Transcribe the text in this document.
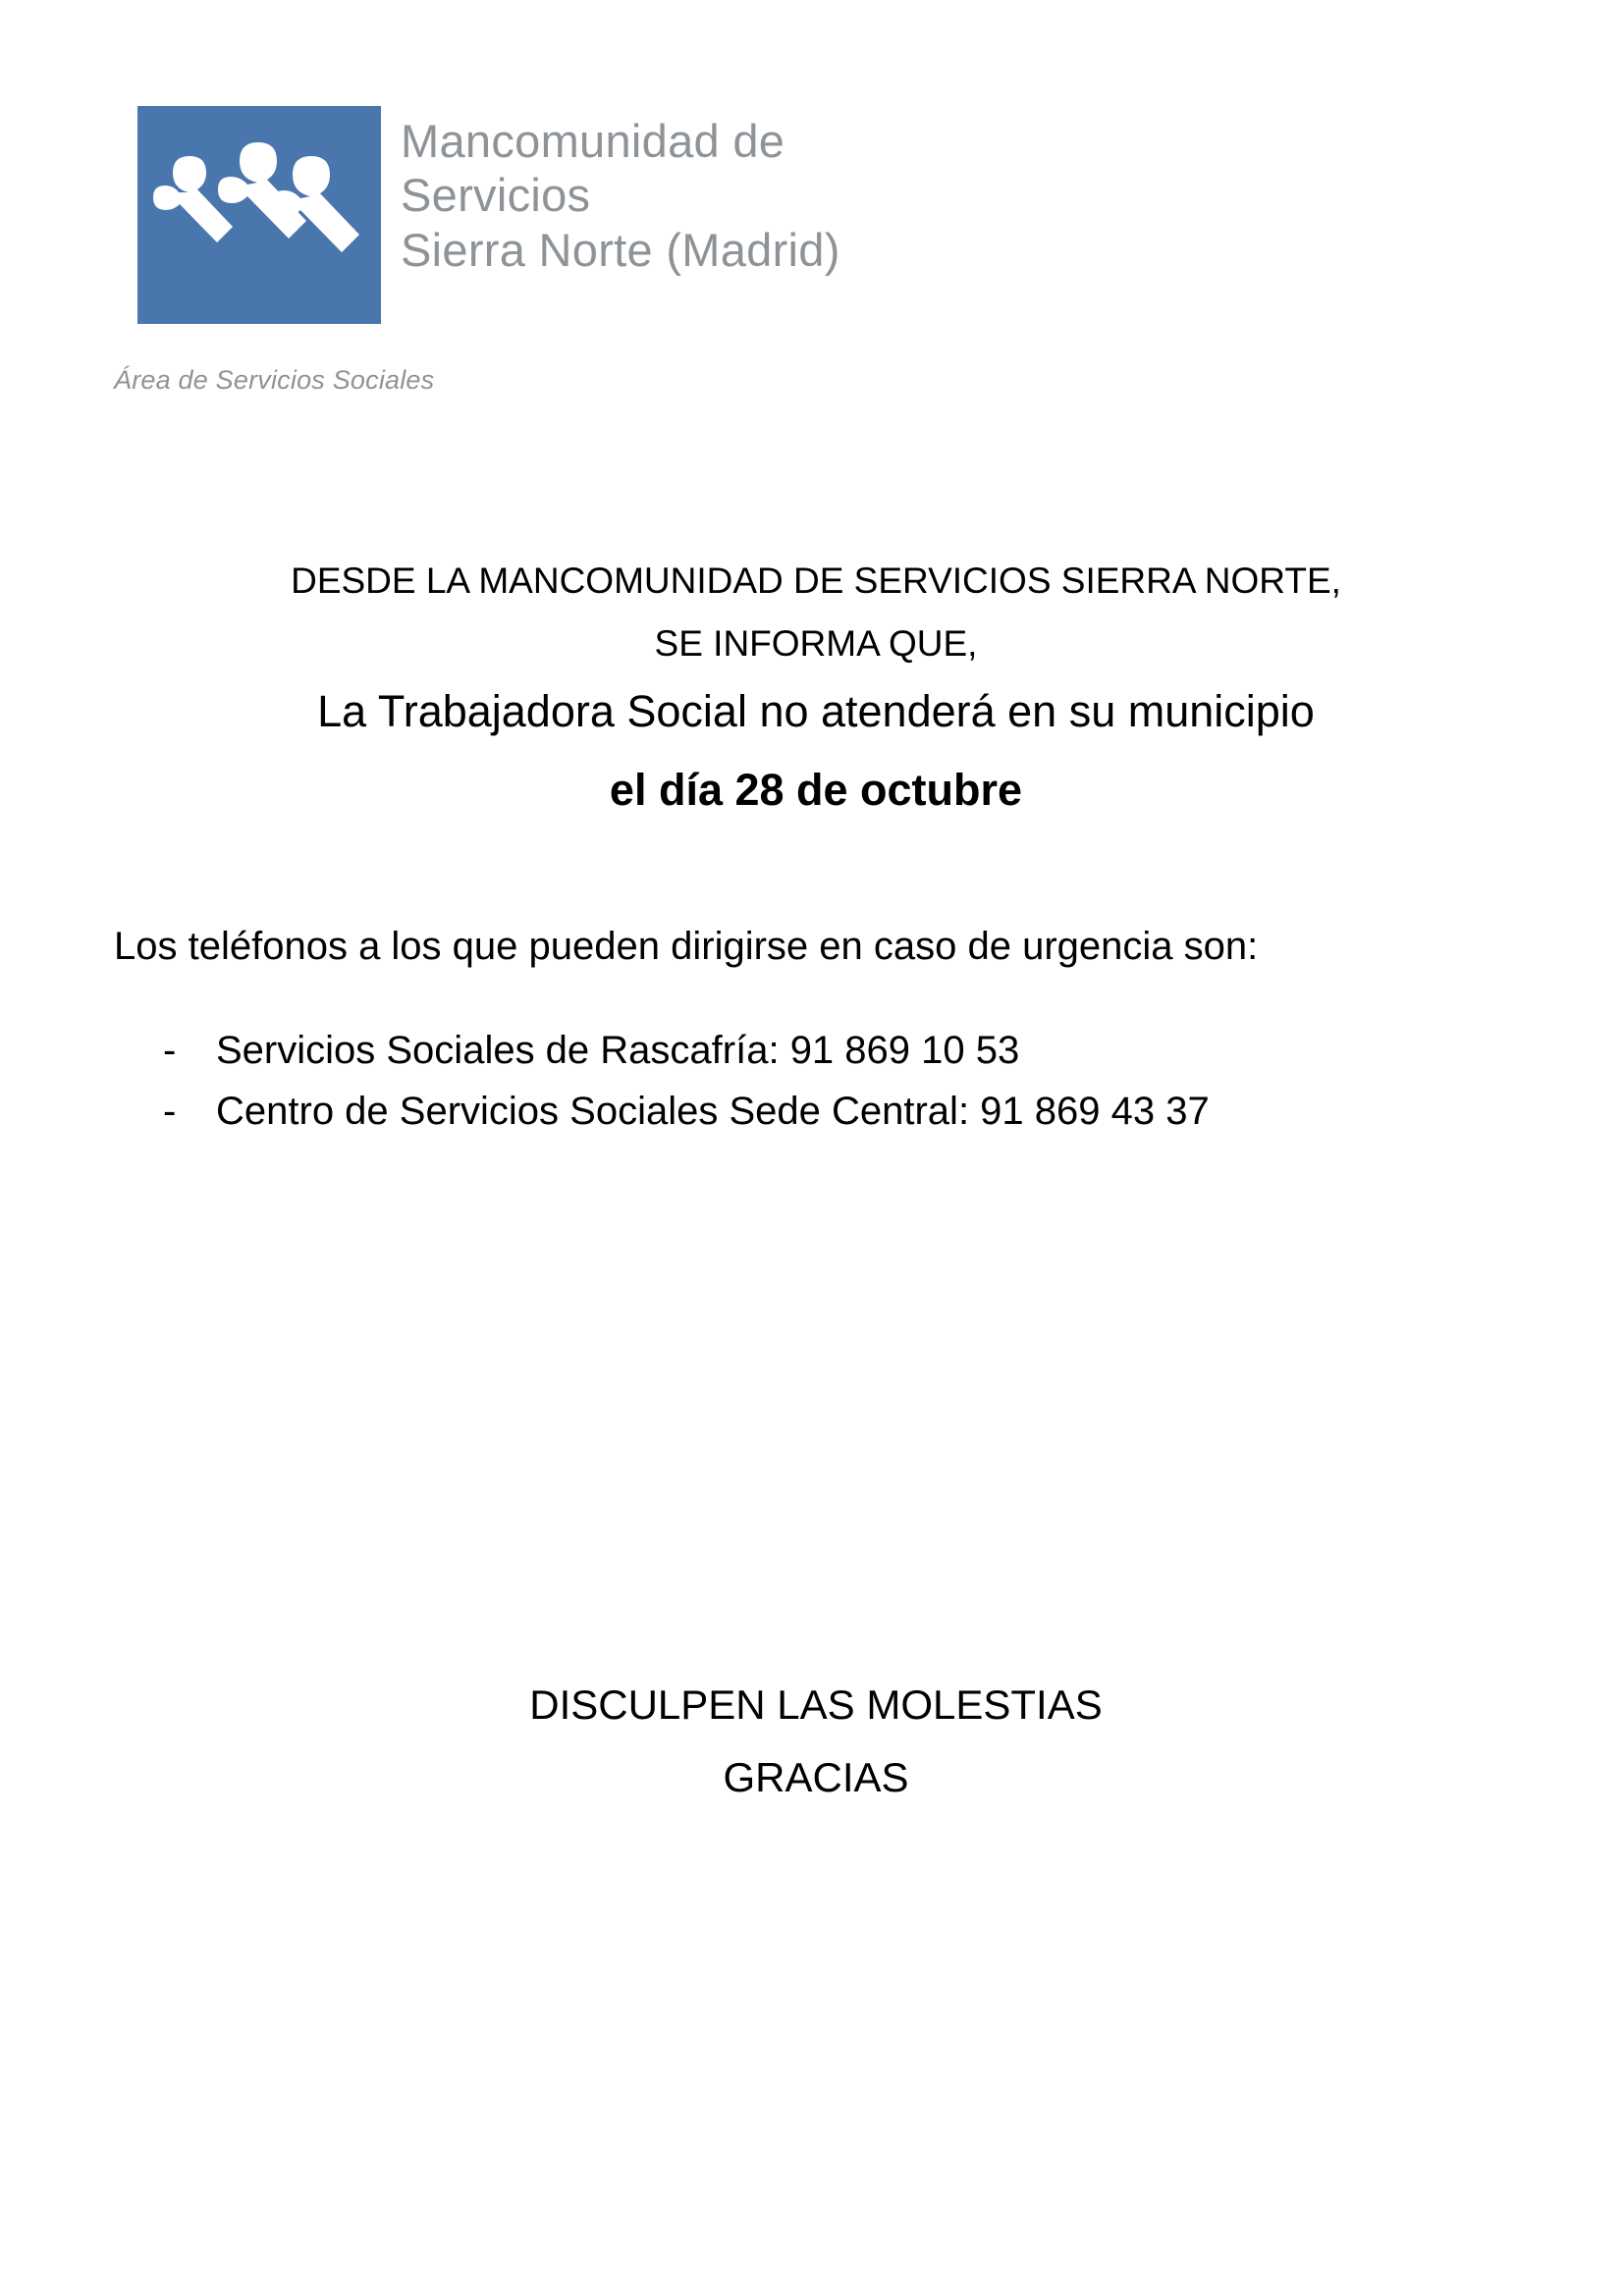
Mancomunidad de
Servicios
Sierra Norte (Madrid)
Área de Servicios Sociales
DESDE LA MANCOMUNIDAD DE SERVICIOS SIERRA NORTE,
SE INFORMA QUE,
La Trabajadora Social no atenderá en su municipio
el día 28 de octubre
Los teléfonos a los que pueden dirigirse en caso de urgencia son:
- Servicios Sociales de Rascafría: 91 869 10 53
- Centro de Servicios Sociales Sede Central: 91 869 43 37
DISCULPEN LAS MOLESTIAS
GRACIAS
